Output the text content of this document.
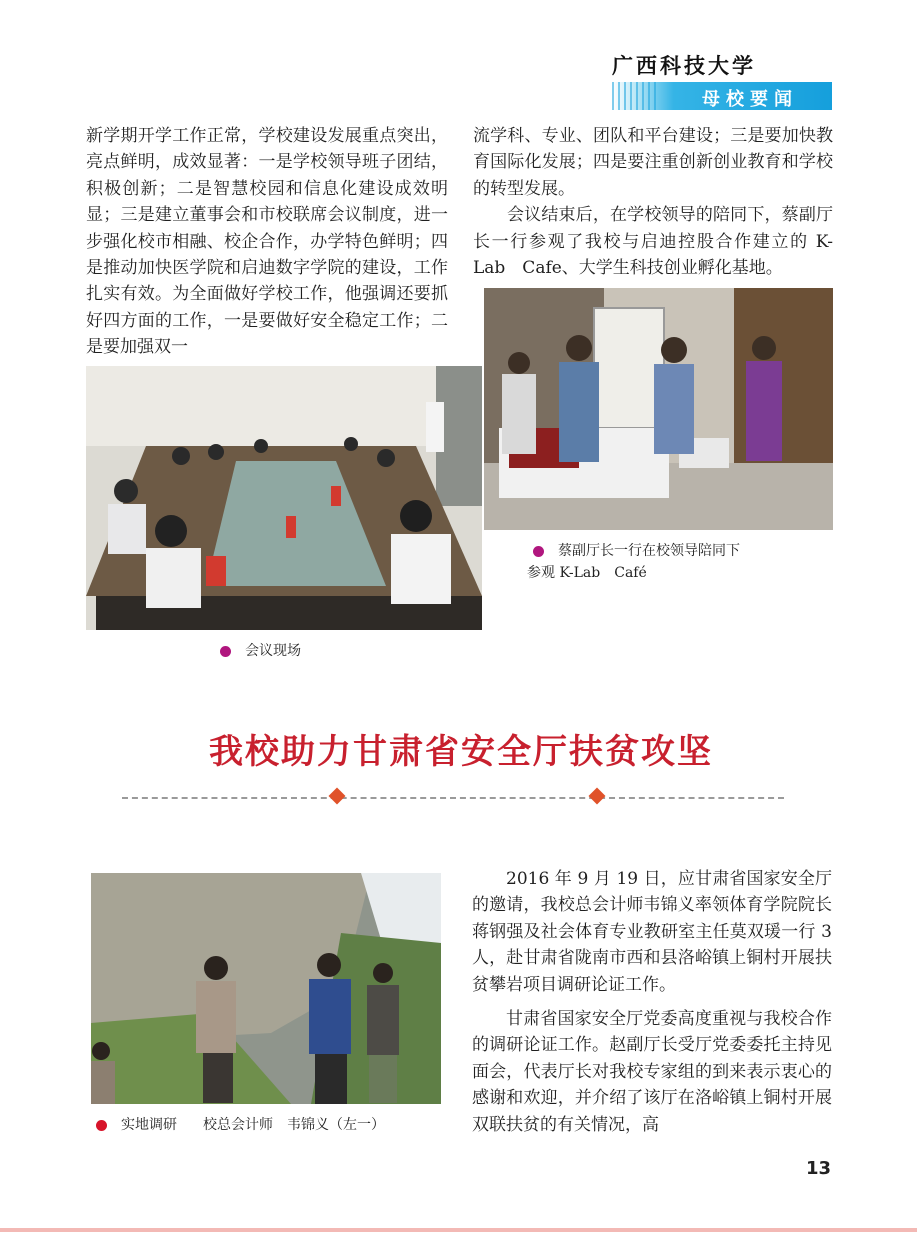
广西科技大学
母校要闻

新学期开学工作正常，学校建设发展重点突出，亮点鲜明，成效显著：一是学校领导班子团结，积极创新；二是智慧校园和信息化建设成效明显；三是建立董事会和市校联席会议制度，进一步强化校市相融、校企合作，办学特色鲜明；四是推动加快医学院和启迪数字学院的建设，工作扎实有效。为全面做好学校工作，他强调还要抓好四方面的工作，一是要做好安全稳定工作；二是要加强双一

流学科、专业、团队和平台建设；三是要加快教育国际化发展；四是要注重创新创业教育和学校的转型发展。

会议结束后，在学校领导的陪同下，蔡副厅长一行参观了我校与启迪控股合作建立的 K-Lab　Cafe、大学生科技创业孵化基地。

会议现场
蔡副厅长一行在校领导陪同下
参观 K-Lab　Café
我校助力甘肃省安全厅扶贫攻坚
实地调研 校总会计师　韦锦义（左一）

2016 年 9 月 19 日，应甘肃省国家安全厅的邀请，我校总会计师韦锦义率领体育学院院长蒋钢强及社会体育专业教研室主任莫双瑗一行 3 人，赴甘肃省陇南市西和县洛峪镇上铜村开展扶贫攀岩项目调研论证工作。

甘肃省国家安全厅党委高度重视与我校合作的调研论证工作。赵副厅长受厅党委委托主持见面会，代表厅长对我校专家组的到来表示衷心的感谢和欢迎，并介绍了该厅在洛峪镇上铜村开展双联扶贫的有关情况，高

13
